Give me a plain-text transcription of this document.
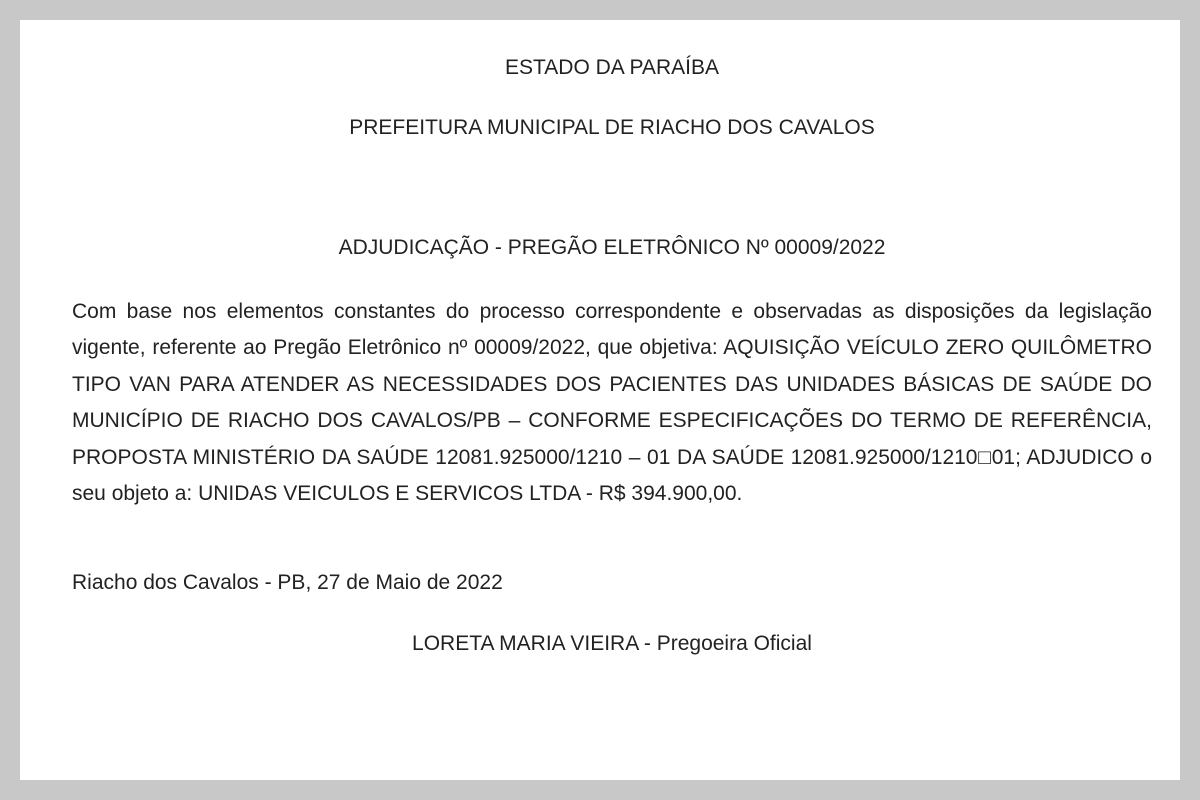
ESTADO DA PARAÍBA

PREFEITURA MUNICIPAL DE RIACHO DOS CAVALOS

ADJUDICAÇÃO - PREGÃO ELETRÔNICO Nº 00009/2022

Com base nos elementos constantes do processo correspondente e observadas as disposições da legislação vigente, referente ao Pregão Eletrônico nº 00009/2022, que objetiva: AQUISIÇÃO VEÍCULO ZERO QUILÔMETRO TIPO VAN PARA ATENDER AS NECESSIDADES DOS PACIENTES DAS UNIDADES BÁSICAS DE SAÚDE DO MUNICÍPIO DE RIACHO DOS CAVALOS/PB – CONFORME ESPECIFICAÇÕES DO TERMO DE REFERÊNCIA, PROPOSTA MINISTÉRIO DA SAÚDE 12081.925000/1210 – 01 DA SAÚDE 12081.925000/1210□01; ADJUDICO o seu objeto a: UNIDAS VEICULOS E SERVICOS LTDA - R$ 394.900,00.

Riacho dos Cavalos - PB, 27 de Maio de 2022

LORETA MARIA VIEIRA - Pregoeira Oficial
